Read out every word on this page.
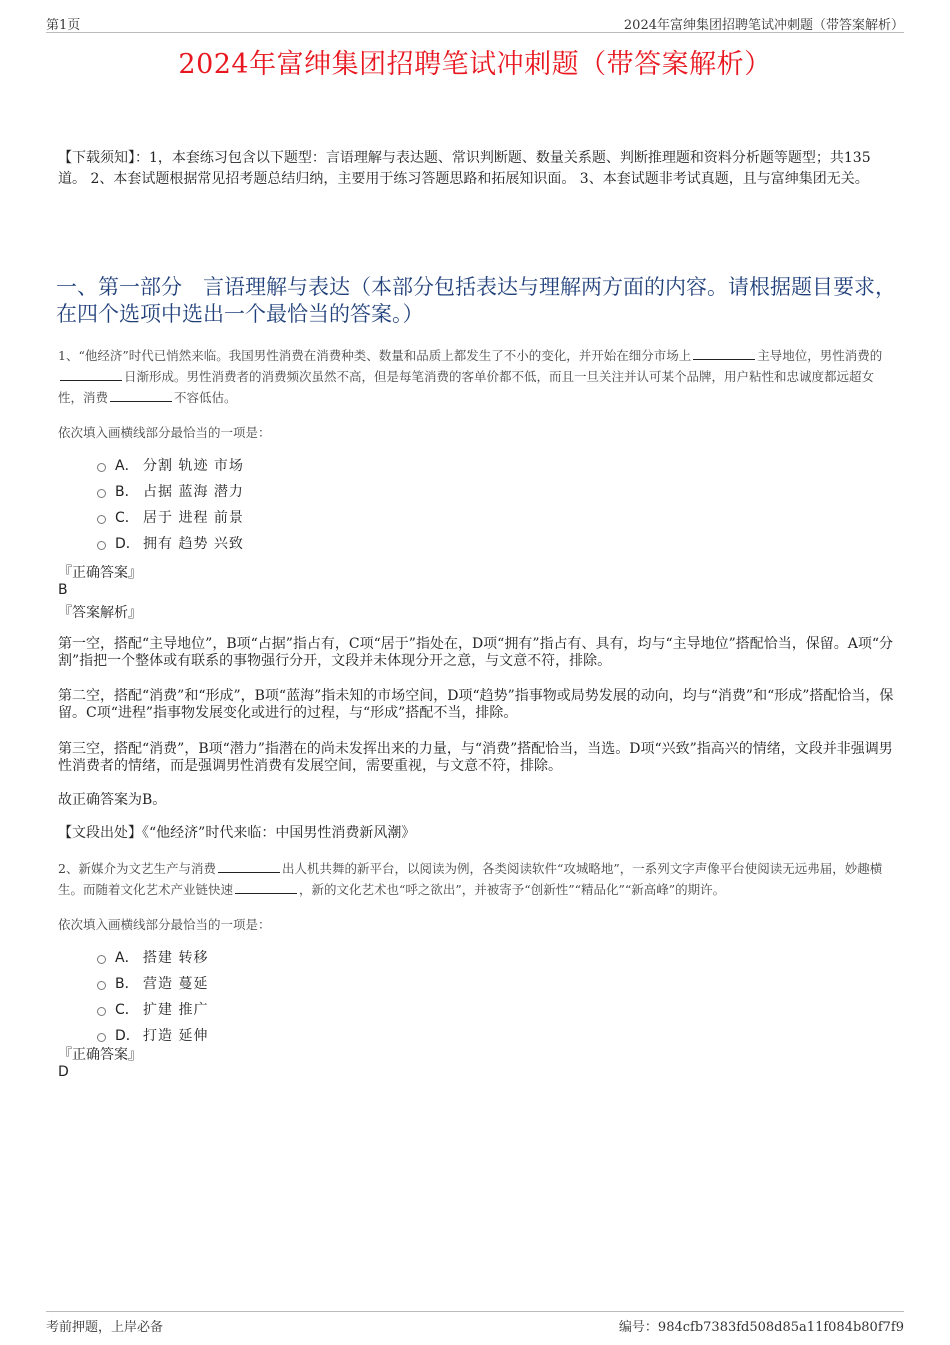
第1页	2024年富绅集团招聘笔试冲刺题（带答案解析）
2024年富绅集团招聘笔试冲刺题（带答案解析）
【下载须知】：1，本套练习包含以下题型：言语理解与表达题、常识判断题、数量关系题、判断推理题和资料分析题等题型；共135道。 2、本套试题根据常见招考题总结归纳，主要用于练习答题思路和拓展知识面。 3、本套试题非考试真题，且与富绅集团无关。
一、第一部分　言语理解与表达（本部分包括表达与理解两方面的内容。请根据题目要求，在四个选项中选出一个最恰当的答案。）
1、“他经济”时代已悄然来临。我国男性消费在消费种类、数量和品质上都发生了不小的变化，并开始在细分市场上	主导地位，男性消费的日渐形成。男性消费者的消费频次虽然不高，但是每笔消费的客单价都不低，而且一旦关注并认可某个品牌，用户粘性和忠诚度都远超女性，消费	不容低估。
依次填入画横线部分最恰当的一项是：
A． 分割 轨迹 市场
B． 占据 蓝海 潜力
C． 居于 进程 前景
D． 拥有 趋势 兴致
『正确答案』
B
『答案解析』
第一空，搭配“主导地位”，B项“占据”指占有，C项“居于”指处在，D项“拥有”指占有、具有，均与“主导地位”搭配恰当，保留。A项“分割”指把一个整体或有联系的事物强行分开，文段并未体现分开之意，与文意不符，排除。
第二空，搭配“消费”和“形成”，B项“蓝海”指未知的市场空间，D项“趋势”指事物或局势发展的动向，均与“消费”和“形成”搭配恰当，保留。C项“进程”指事物发展变化或进行的过程，与“形成”搭配不当，排除。
第三空，搭配“消费”，B项“潜力”指潜在的尚未发挥出来的力量，与“消费”搭配恰当，当选。D项“兴致”指高兴的情绪，文段并非强调男性消费者的情绪，而是强调男性消费有发展空间，需要重视，与文意不符，排除。
故正确答案为B。
【文段出处】《“他经济”时代来临：中国男性消费新风潮》
2、新媒介为文艺生产与消费	出人机共舞的新平台，以阅读为例，各类阅读软件“攻城略地”，一系列文字声像平台使阅读无远弗届，妙趣横生。而随着文化艺术产业链快速	，新的文化艺术也“呼之欲出”，并被寄予“创新性”“精品化”“新高峰”的期许。
依次填入画横线部分最恰当的一项是：
A． 搭建 转移
B． 营造 蔓延
C． 扩建 推广
D． 打造 延伸
『正确答案』
D
考前押题，上岸必备	编号：984cfb7383fd508d85a11f084b80f7f9
